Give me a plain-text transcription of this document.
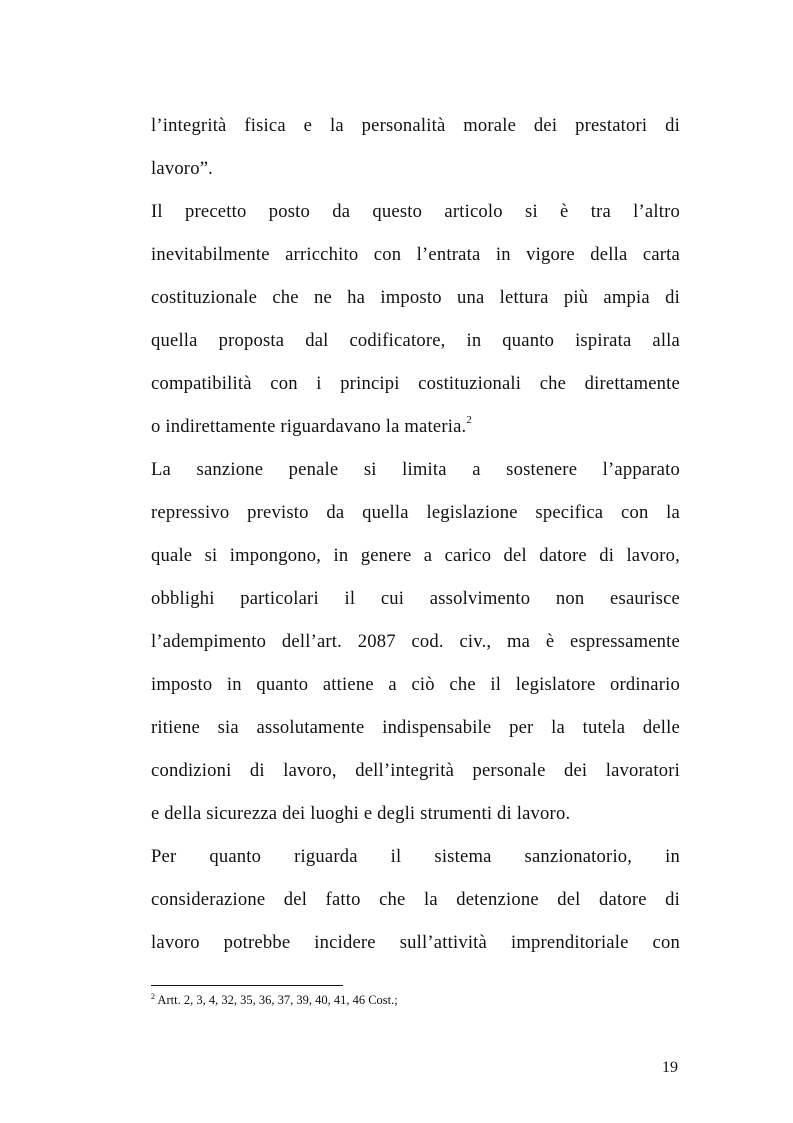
l’integrità fisica e la personalità morale dei prestatori di
lavoro”.
Il precetto posto da questo articolo si è tra l’altro
inevitabilmente arricchito con l’entrata in vigore della carta
costituzionale che ne ha imposto una lettura più ampia di
quella proposta dal codificatore, in quanto ispirata alla
compatibilità con i principi costituzionali che direttamente
o indirettamente riguardavano la materia.$^2$
La sanzione penale si limita a sostenere l’apparato
repressivo previsto da quella legislazione specifica con la
quale si impongono, in genere a carico del datore di lavoro,
obblighi particolari il cui assolvimento non esaurisce
l’adempimento dell’art. 2087 cod. civ., ma è espressamente
imposto in quanto attiene a ciò che il legislatore ordinario
ritiene sia assolutamente indispensabile per la tutela delle
condizioni di lavoro, dell’integrità personale dei lavoratori
e della sicurezza dei luoghi e degli strumenti di lavoro.
Per quanto riguarda il sistema sanzionatorio, in
considerazione del fatto che la detenzione del datore di
lavoro potrebbe incidere sull’attività imprenditoriale con
$^2$ Artt. 2, 3, 4, 32, 35, 36, 37, 39, 40, 41, 46 Cost.;
19
